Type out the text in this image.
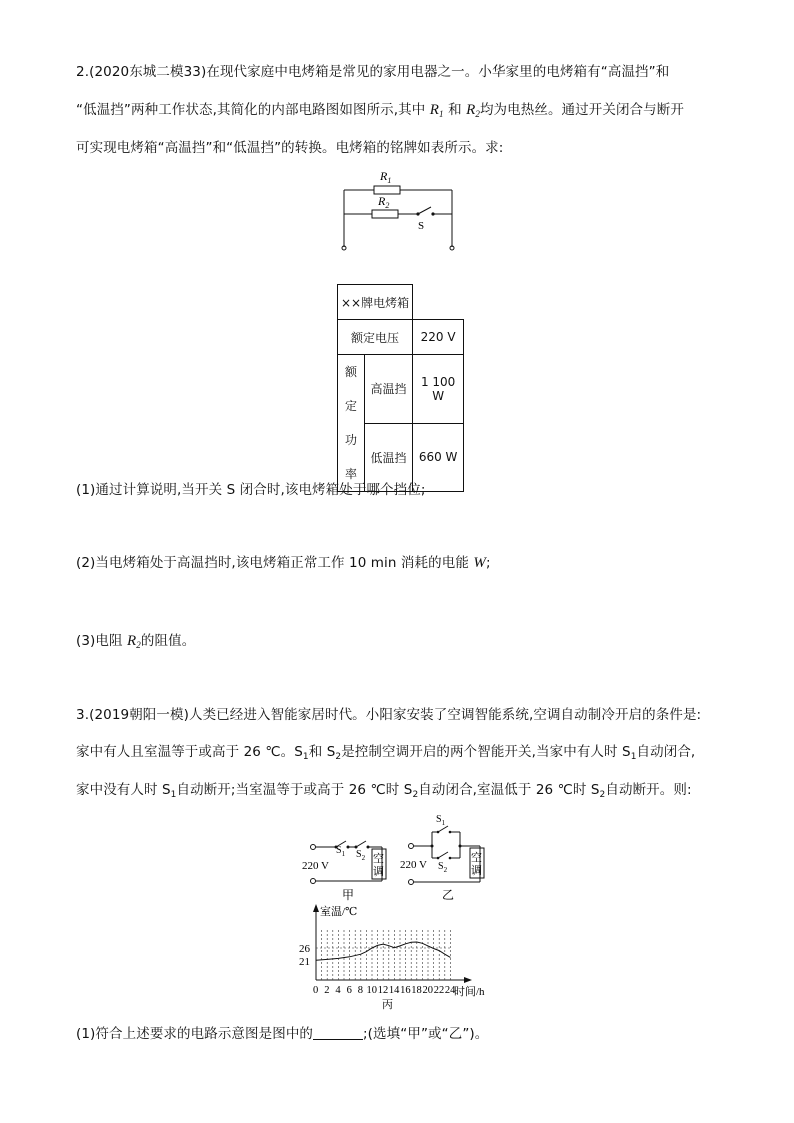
2.(2020东城二模33)在现代家庭中电烤箱是常见的家用电器之一。小华家里的电烤箱有“高温挡”和
“低温挡”两种工作状态,其简化的内部电路图如图所示,其中 $R_1$ 和 $R_2$均为电热丝。通过开关闭合与断开
可实现电烤箱“高温挡”和“低温挡”的转换。电烤箱的铭牌如表所示。求:
$R_1$
$R_2$
S
××牌电烤箱		
额定电压		220 V
额定
功率	高温挡	1 100 W
	低温挡	660 W
(1)通过计算说明,当开关 S 闭合时,该电烤箱处于哪个挡位;
(2)当电烤箱处于高温挡时,该电烤箱正常工作 10 min 消耗的电能 W;
(3)电阻 $R_2$的阻值。
3.(2019朝阳一模)人类已经进入智能家居时代。小阳家安装了空调智能系统,空调自动制冷开启的条件是:
家中有人且室温等于或高于 26 ℃。$S_1$和 $S_2$是控制空调开启的两个智能开关,当家中有人时 $S_1$自动闭合,
家中没有人时 $S_1$自动断开;当室温等于或高于 26 ℃时 $S_2$自动闭合,室温低于 26 ℃时 $S_2$自动断开。则:
$S_1$ $S_2$ 空
调
220 V
甲
$S_1$
$S_2$
空
调
220 V
乙
0 2 4 6 8 10 12 14 16 18 20 22 24
21
26
室温/℃
时间/h
丙
(1)符合上述要求的电路示意图是图中的	;(选填“甲”或“乙”)。
